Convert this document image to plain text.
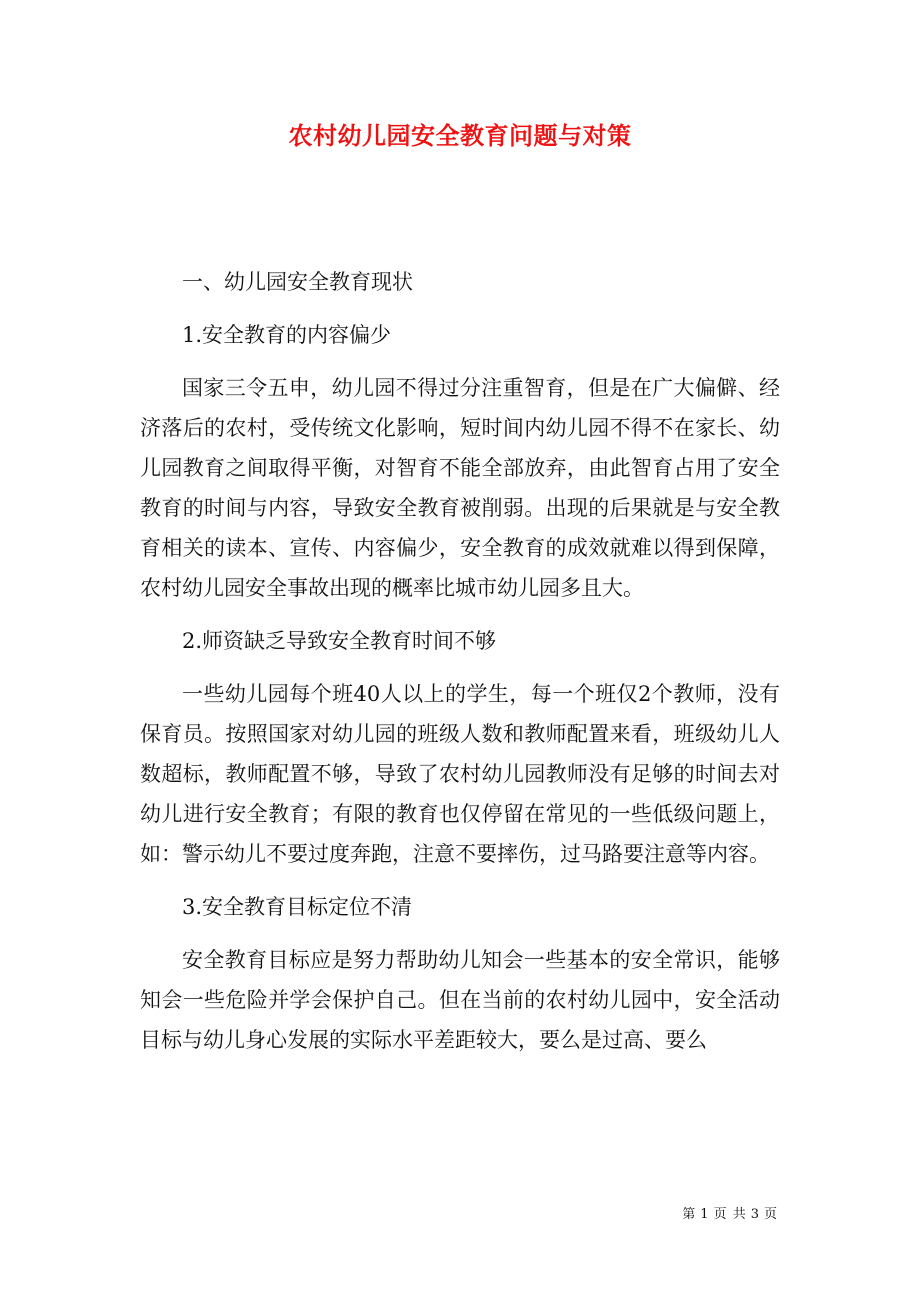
农村幼儿园安全教育问题与对策

一、幼儿园安全教育现状

1.安全教育的内容偏少

国家三令五申，幼儿园不得过分注重智育，但是在广大偏僻、经济落后的农村，受传统文化影响，短时间内幼儿园不得不在家长、幼儿园教育之间取得平衡，对智育不能全部放弃，由此智育占用了安全教育的时间与内容，导致安全教育被削弱。出现的后果就是与安全教育相关的读本、宣传、内容偏少，安全教育的成效就难以得到保障，农村幼儿园安全事故出现的概率比城市幼儿园多且大。

2.师资缺乏导致安全教育时间不够

一些幼儿园每个班40人以上的学生，每一个班仅2个教师，没有保育员。按照国家对幼儿园的班级人数和教师配置来看，班级幼儿人数超标，教师配置不够，导致了农村幼儿园教师没有足够的时间去对幼儿进行安全教育；有限的教育也仅停留在常见的一些低级问题上，如：警示幼儿不要过度奔跑，注意不要摔伤，过马路要注意等内容。

3.安全教育目标定位不清

安全教育目标应是努力帮助幼儿知会一些基本的安全常识，能够知会一些危险并学会保护自己。但在当前的农村幼儿园中，安全活动目标与幼儿身心发展的实际水平差距较大，要么是过高、要么

第 1 页 共 3 页
